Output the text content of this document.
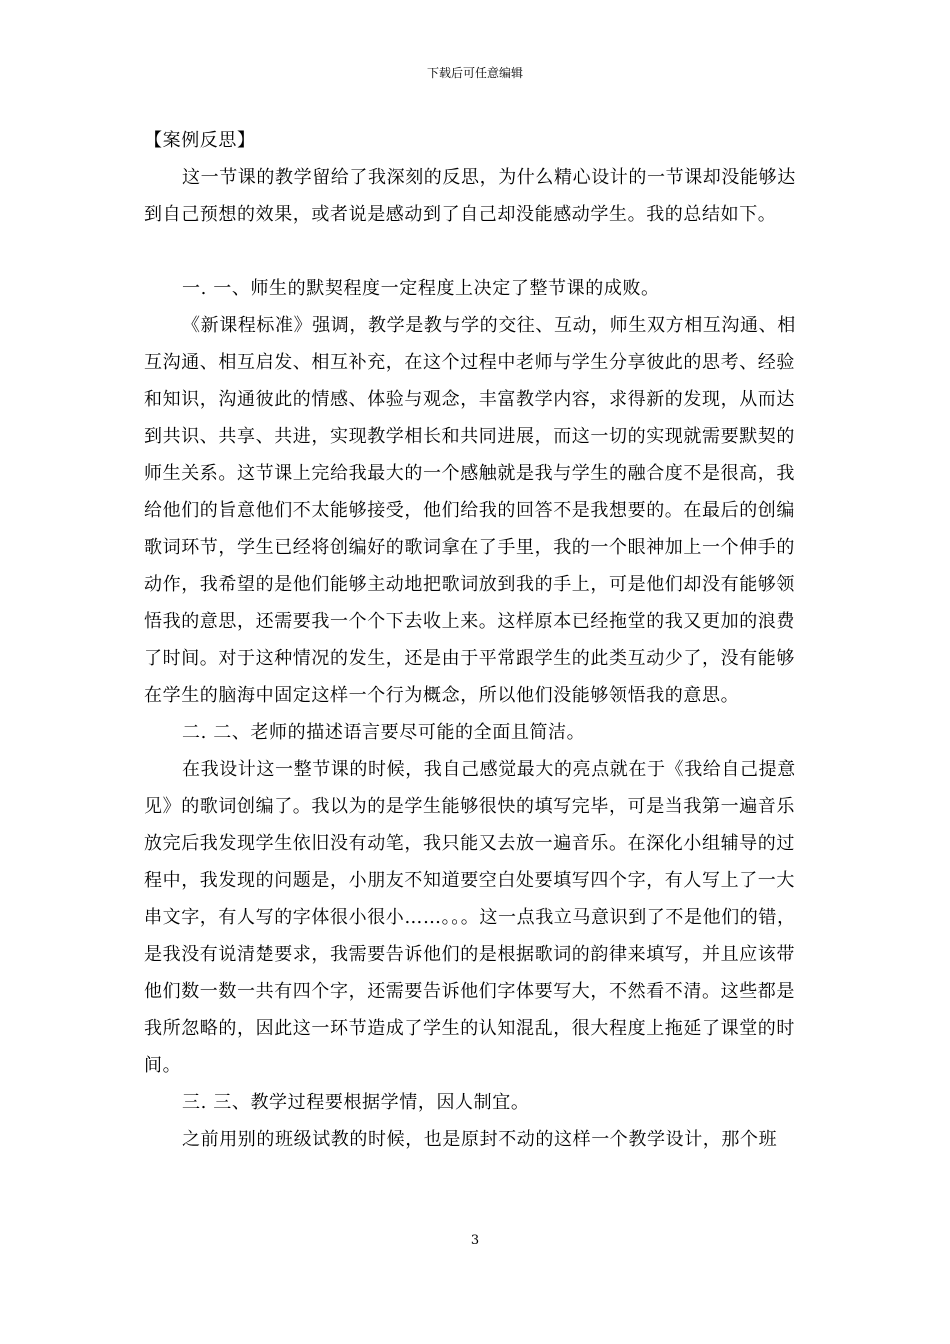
下载后可任意编辑

【案例反思】

这一节课的教学留给了我深刻的反思，为什么精心设计的一节课却没能够达到自己预想的效果，或者说是感动到了自己却没能感动学生。我的总结如下。

一. 一、师生的默契程度一定程度上决定了整节课的成败。

《新课程标准》强调，教学是教与学的交往、互动，师生双方相互沟通、相互沟通、相互启发、相互补充，在这个过程中老师与学生分享彼此的思考、经验和知识，沟通彼此的情感、体验与观念，丰富教学内容，求得新的发现，从而达到共识、共享、共进，实现教学相长和共同进展，而这一切的实现就需要默契的师生关系。这节课上完给我最大的一个感触就是我与学生的融合度不是很高，我给他们的旨意他们不太能够接受，他们给我的回答不是我想要的。在最后的创编歌词环节，学生已经将创编好的歌词拿在了手里，我的一个眼神加上一个伸手的动作，我希望的是他们能够主动地把歌词放到我的手上，可是他们却没有能够领悟我的意思，还需要我一个个下去收上来。这样原本已经拖堂的我又更加的浪费了时间。对于这种情况的发生，还是由于平常跟学生的此类互动少了，没有能够在学生的脑海中固定这样一个行为概念，所以他们没能够领悟我的意思。

二. 二、老师的描述语言要尽可能的全面且简洁。

在我设计这一整节课的时候，我自己感觉最大的亮点就在于《我给自己提意见》的歌词创编了。我以为的是学生能够很快的填写完毕，可是当我第一遍音乐放完后我发现学生依旧没有动笔，我只能又去放一遍音乐。在深化小组辅导的过程中，我发现的问题是，小朋友不知道要空白处要填写四个字，有人写上了一大串文字，有人写的字体很小很小……。。。这一点我立马意识到了不是他们的错，是我没有说清楚要求，我需要告诉他们的是根据歌词的韵律来填写，并且应该带他们数一数一共有四个字，还需要告诉他们字体要写大，不然看不清。这些都是我所忽略的，因此这一环节造成了学生的认知混乱，很大程度上拖延了课堂的时间。

三. 三、教学过程要根据学情，因人制宜。

之前用别的班级试教的时候，也是原封不动的这样一个教学设计，那个班

3
